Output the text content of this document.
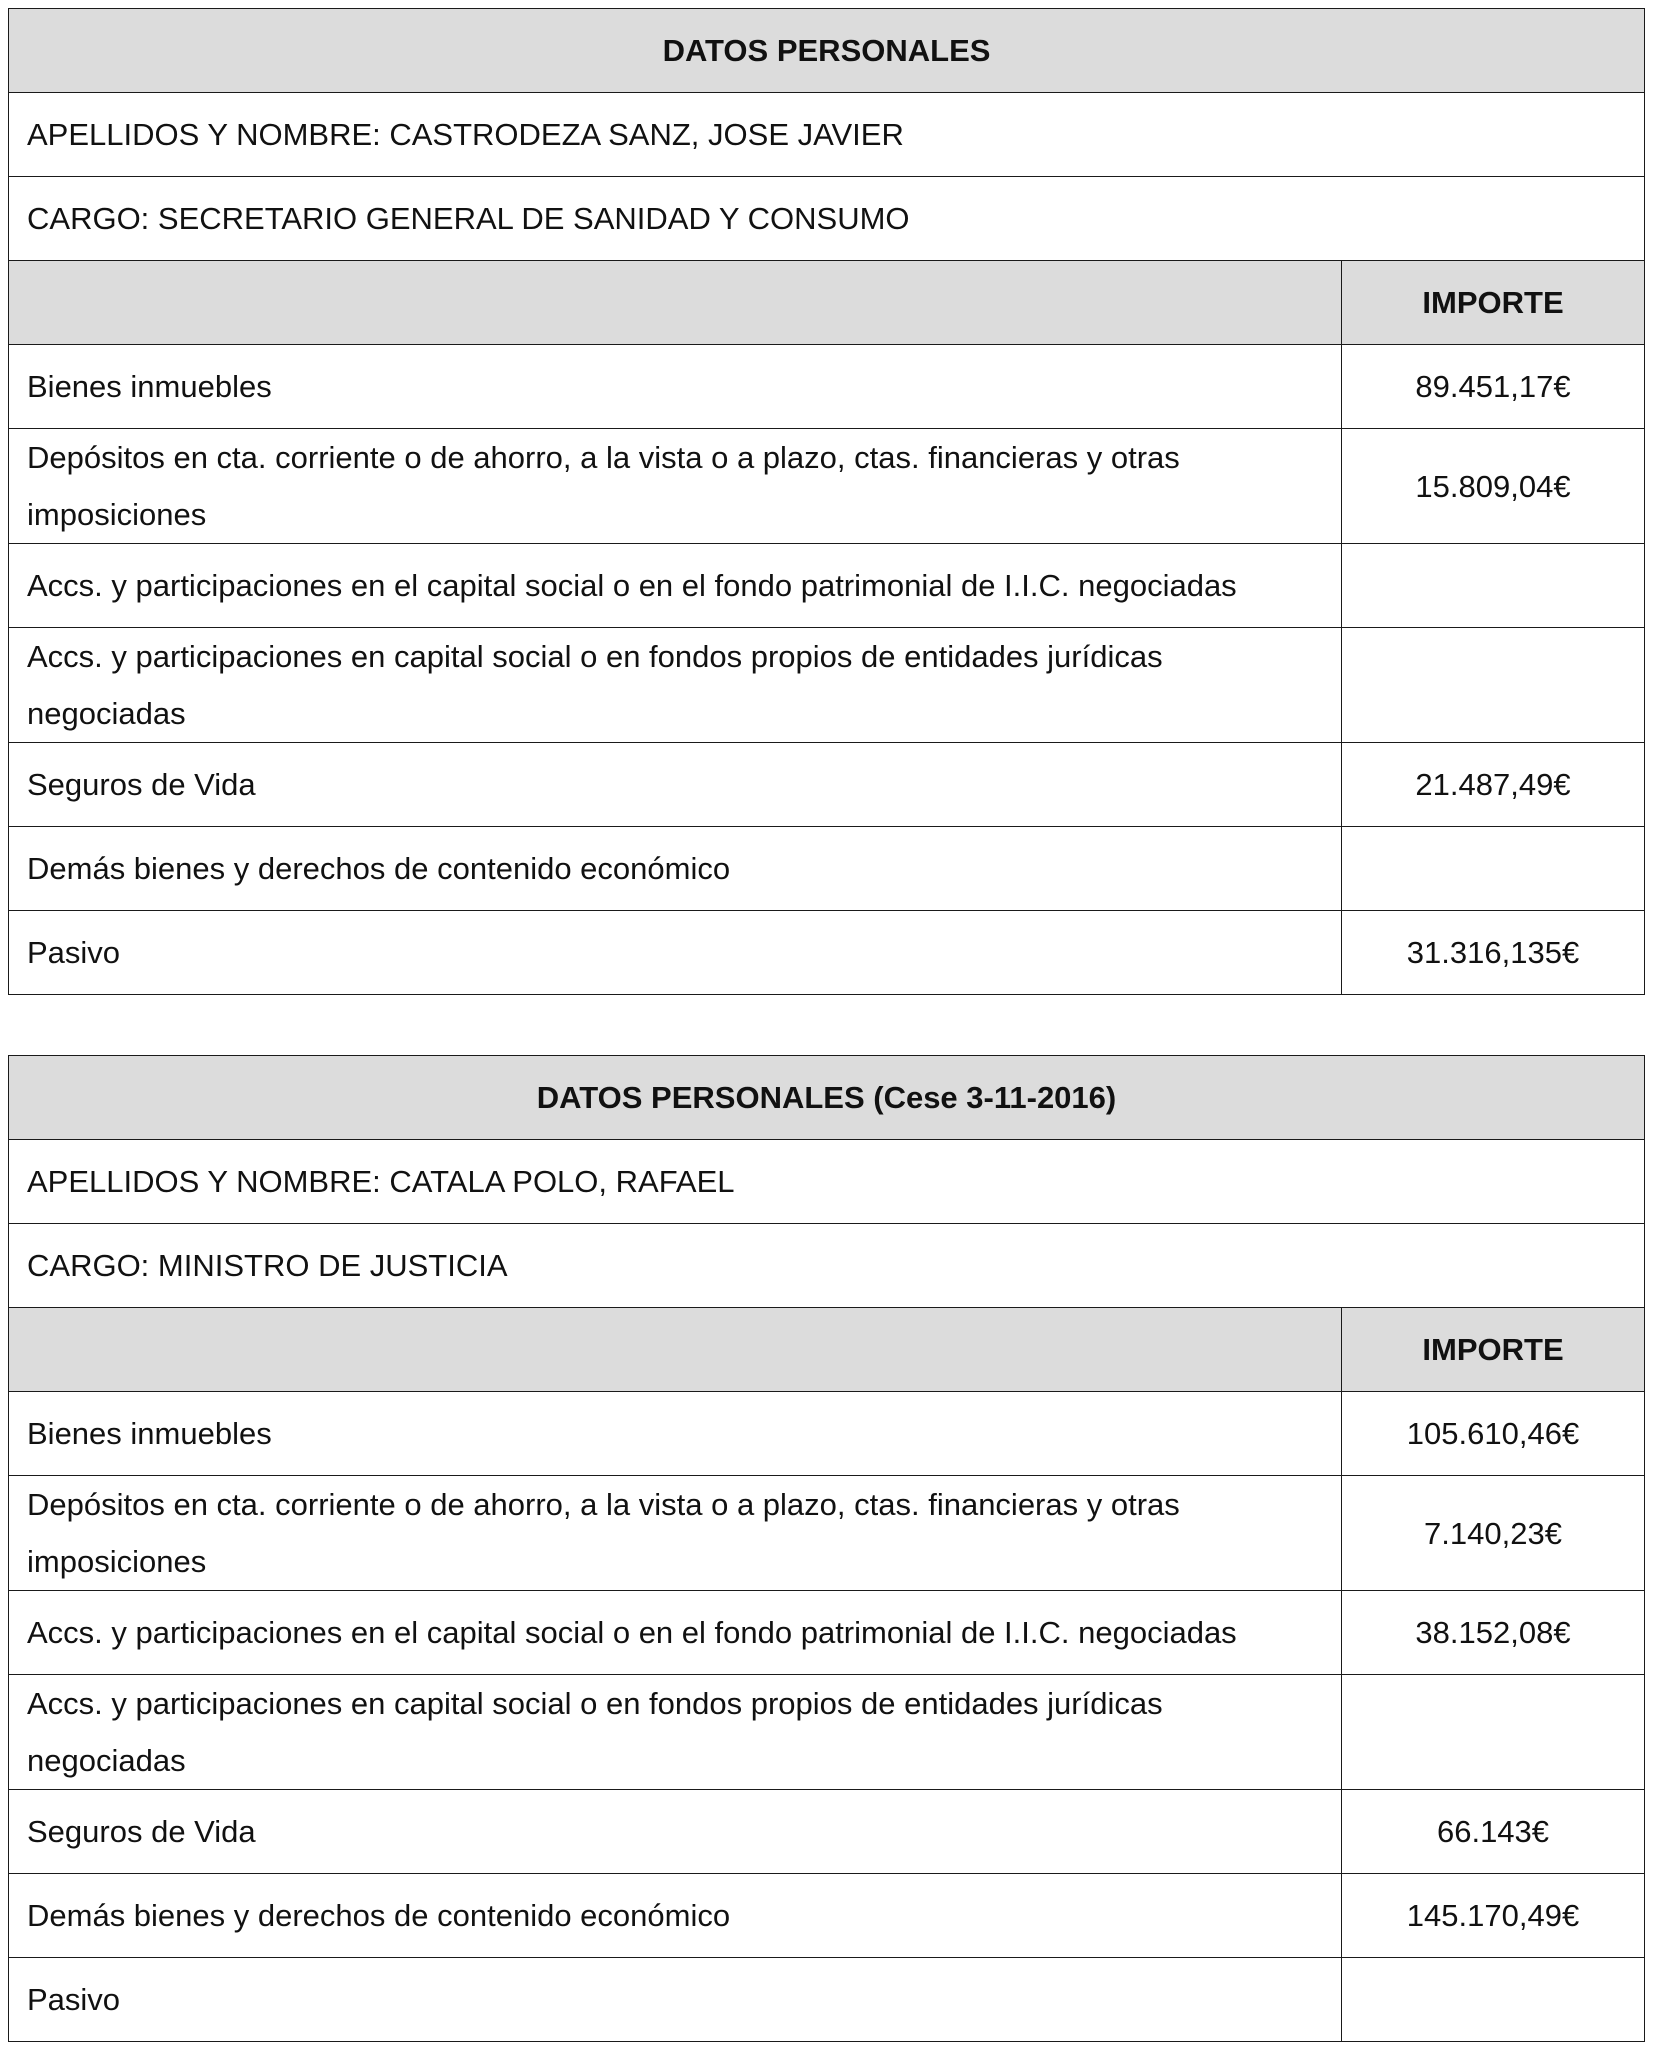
DATOS PERSONALES	
APELLIDOS Y NOMBRE: CASTRODEZA SANZ, JOSE JAVIER	
CARGO: SECRETARIO GENERAL DE SANIDAD Y CONSUMO	
	IMPORTE
Bienes inmuebles	89.451,17€
Depósitos en cta. corriente o de ahorro, a la vista o a plazo, ctas. financieras y otras imposiciones	15.809,04€
Accs. y participaciones en el capital social o en el fondo patrimonial de I.I.C. negociadas	
Accs. y participaciones en capital social o en fondos propios de entidades jurídicas negociadas	
Seguros de Vida	21.487,49€
Demás bienes y derechos de contenido económico	
Pasivo	31.316,135€
DATOS PERSONALES (Cese 3-11-2016)	
APELLIDOS Y NOMBRE: CATALA POLO, RAFAEL	
CARGO: MINISTRO DE JUSTICIA	
	IMPORTE
Bienes inmuebles	105.610,46€
Depósitos en cta. corriente o de ahorro, a la vista o a plazo, ctas. financieras y otras imposiciones	7.140,23€
Accs. y participaciones en el capital social o en el fondo patrimonial de I.I.C. negociadas	38.152,08€
Accs. y participaciones en capital social o en fondos propios de entidades jurídicas negociadas	
Seguros de Vida	66.143€
Demás bienes y derechos de contenido económico	145.170,49€
Pasivo	
